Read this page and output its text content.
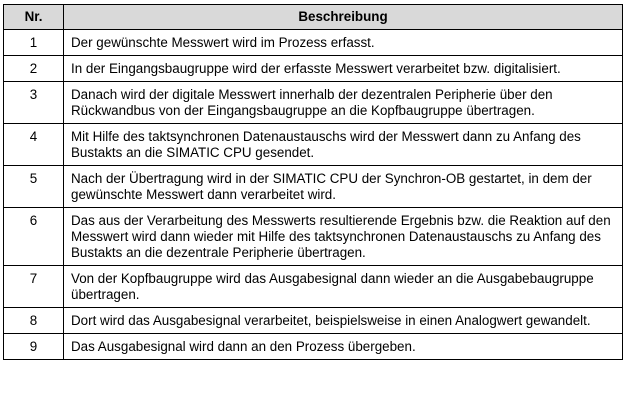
Nr.	Beschreibung
1	Der gewünschte Messwert wird im Prozess erfasst.
2	In der Eingangsbaugruppe wird der erfasste Messwert verarbeitet bzw. digitalisiert.
3	Danach wird der digitale Messwert innerhalb der dezentralen Peripherie über den Rückwandbus von der Eingangsbaugruppe an die Kopfbaugruppe übertragen.
4	Mit Hilfe des taktsynchronen Datenaustauschs wird der Messwert dann zu Anfang des Bustakts an die SIMATIC CPU gesendet.
5	Nach der Übertragung wird in der SIMATIC CPU der Synchron-OB gestartet, in dem der gewünschte Messwert dann verarbeitet wird.
6	Das aus der Verarbeitung des Messwerts resultierende Ergebnis bzw. die Reaktion auf den Messwert wird dann wieder mit Hilfe des taktsynchronen Datenaustauschs zu Anfang des Bustakts an die dezentrale Peripherie übertragen.
7	Von der Kopfbaugruppe wird das Ausgabesignal dann wieder an die Ausgabebaugruppe übertragen.
8	Dort wird das Ausgabesignal verarbeitet, beispielsweise in einen Analogwert gewandelt.
9	Das Ausgabesignal wird dann an den Prozess übergeben.
